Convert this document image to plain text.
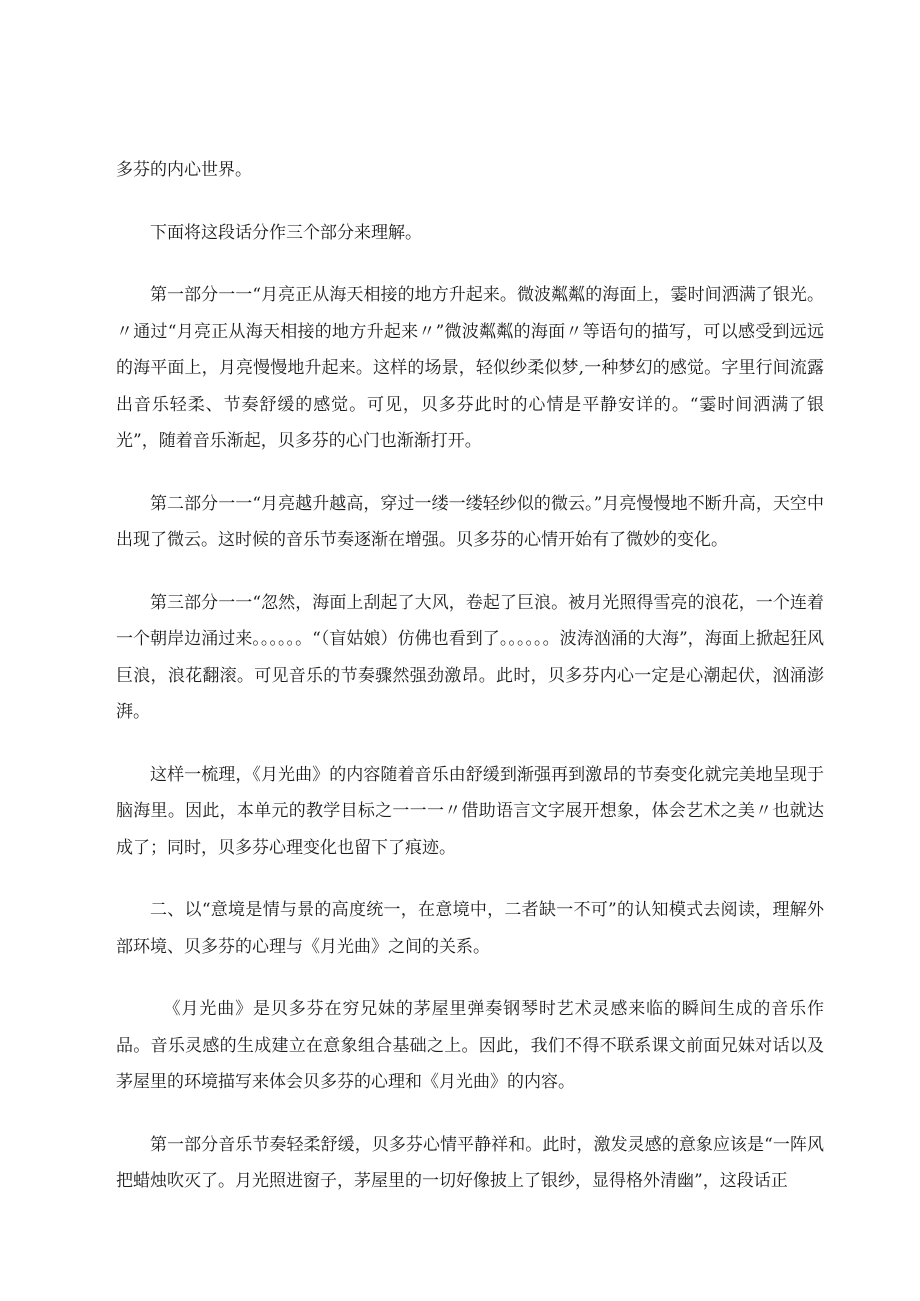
多芬的内心世界。

下面将这段话分作三个部分来理解。

第一部分一一“月亮正从海天相接的地方升起来。微波粼粼的海面上，霎时间洒满了银光。〃通过“月亮正从海天相接的地方升起来〃”微波粼粼的海面〃等语句的描写，可以感受到远远的海平面上，月亮慢慢地升起来。这样的场景，轻似纱柔似梦,一种梦幻的感觉。字里行间流露出音乐轻柔、节奏舒缓的感觉。可见，贝多芬此时的心情是平静安详的。“霎时间洒满了银光”，随着音乐渐起，贝多芬的心门也渐渐打开。

第二部分一一“月亮越升越高，穿过一缕一缕轻纱似的微云。”月亮慢慢地不断升高，天空中出现了微云。这时候的音乐节奏逐渐在增强。贝多芬的心情开始有了微妙的变化。

第三部分一一“忽然，海面上刮起了大风，卷起了巨浪。被月光照得雪亮的浪花，一个连着一个朝岸边涌过来。。。。。。“（盲姑娘）仿佛也看到了。。。。。。波涛汹涌的大海”，海面上掀起狂风巨浪，浪花翻滚。可见音乐的节奏骤然强劲激昂。此时，贝多芬内心一定是心潮起伏，汹涌澎湃。

这样一梳理，《月光曲》的内容随着音乐由舒缓到渐强再到激昂的节奏变化就完美地呈现于脑海里。因此，本单元的教学目标之一一一〃借助语言文字展开想象，体会艺术之美〃也就达成了；同时，贝多芬心理变化也留下了痕迹。

二、以“意境是情与景的高度统一，在意境中，二者缺一不可”的认知模式去阅读，理解外部环境、贝多芬的心理与《月光曲》之间的关系。

《月光曲》是贝多芬在穷兄妹的茅屋里弹奏钢琴时艺术灵感来临的瞬间生成的音乐作品。音乐灵感的生成建立在意象组合基础之上。因此，我们不得不联系课文前面兄妹对话以及茅屋里的环境描写来体会贝多芬的心理和《月光曲》的内容。

第一部分音乐节奏轻柔舒缓，贝多芬心情平静祥和。此时，激发灵感的意象应该是“一阵风把蜡烛吹灭了。月光照进窗子，茅屋里的一切好像披上了银纱，显得格外清幽”，这段话正
